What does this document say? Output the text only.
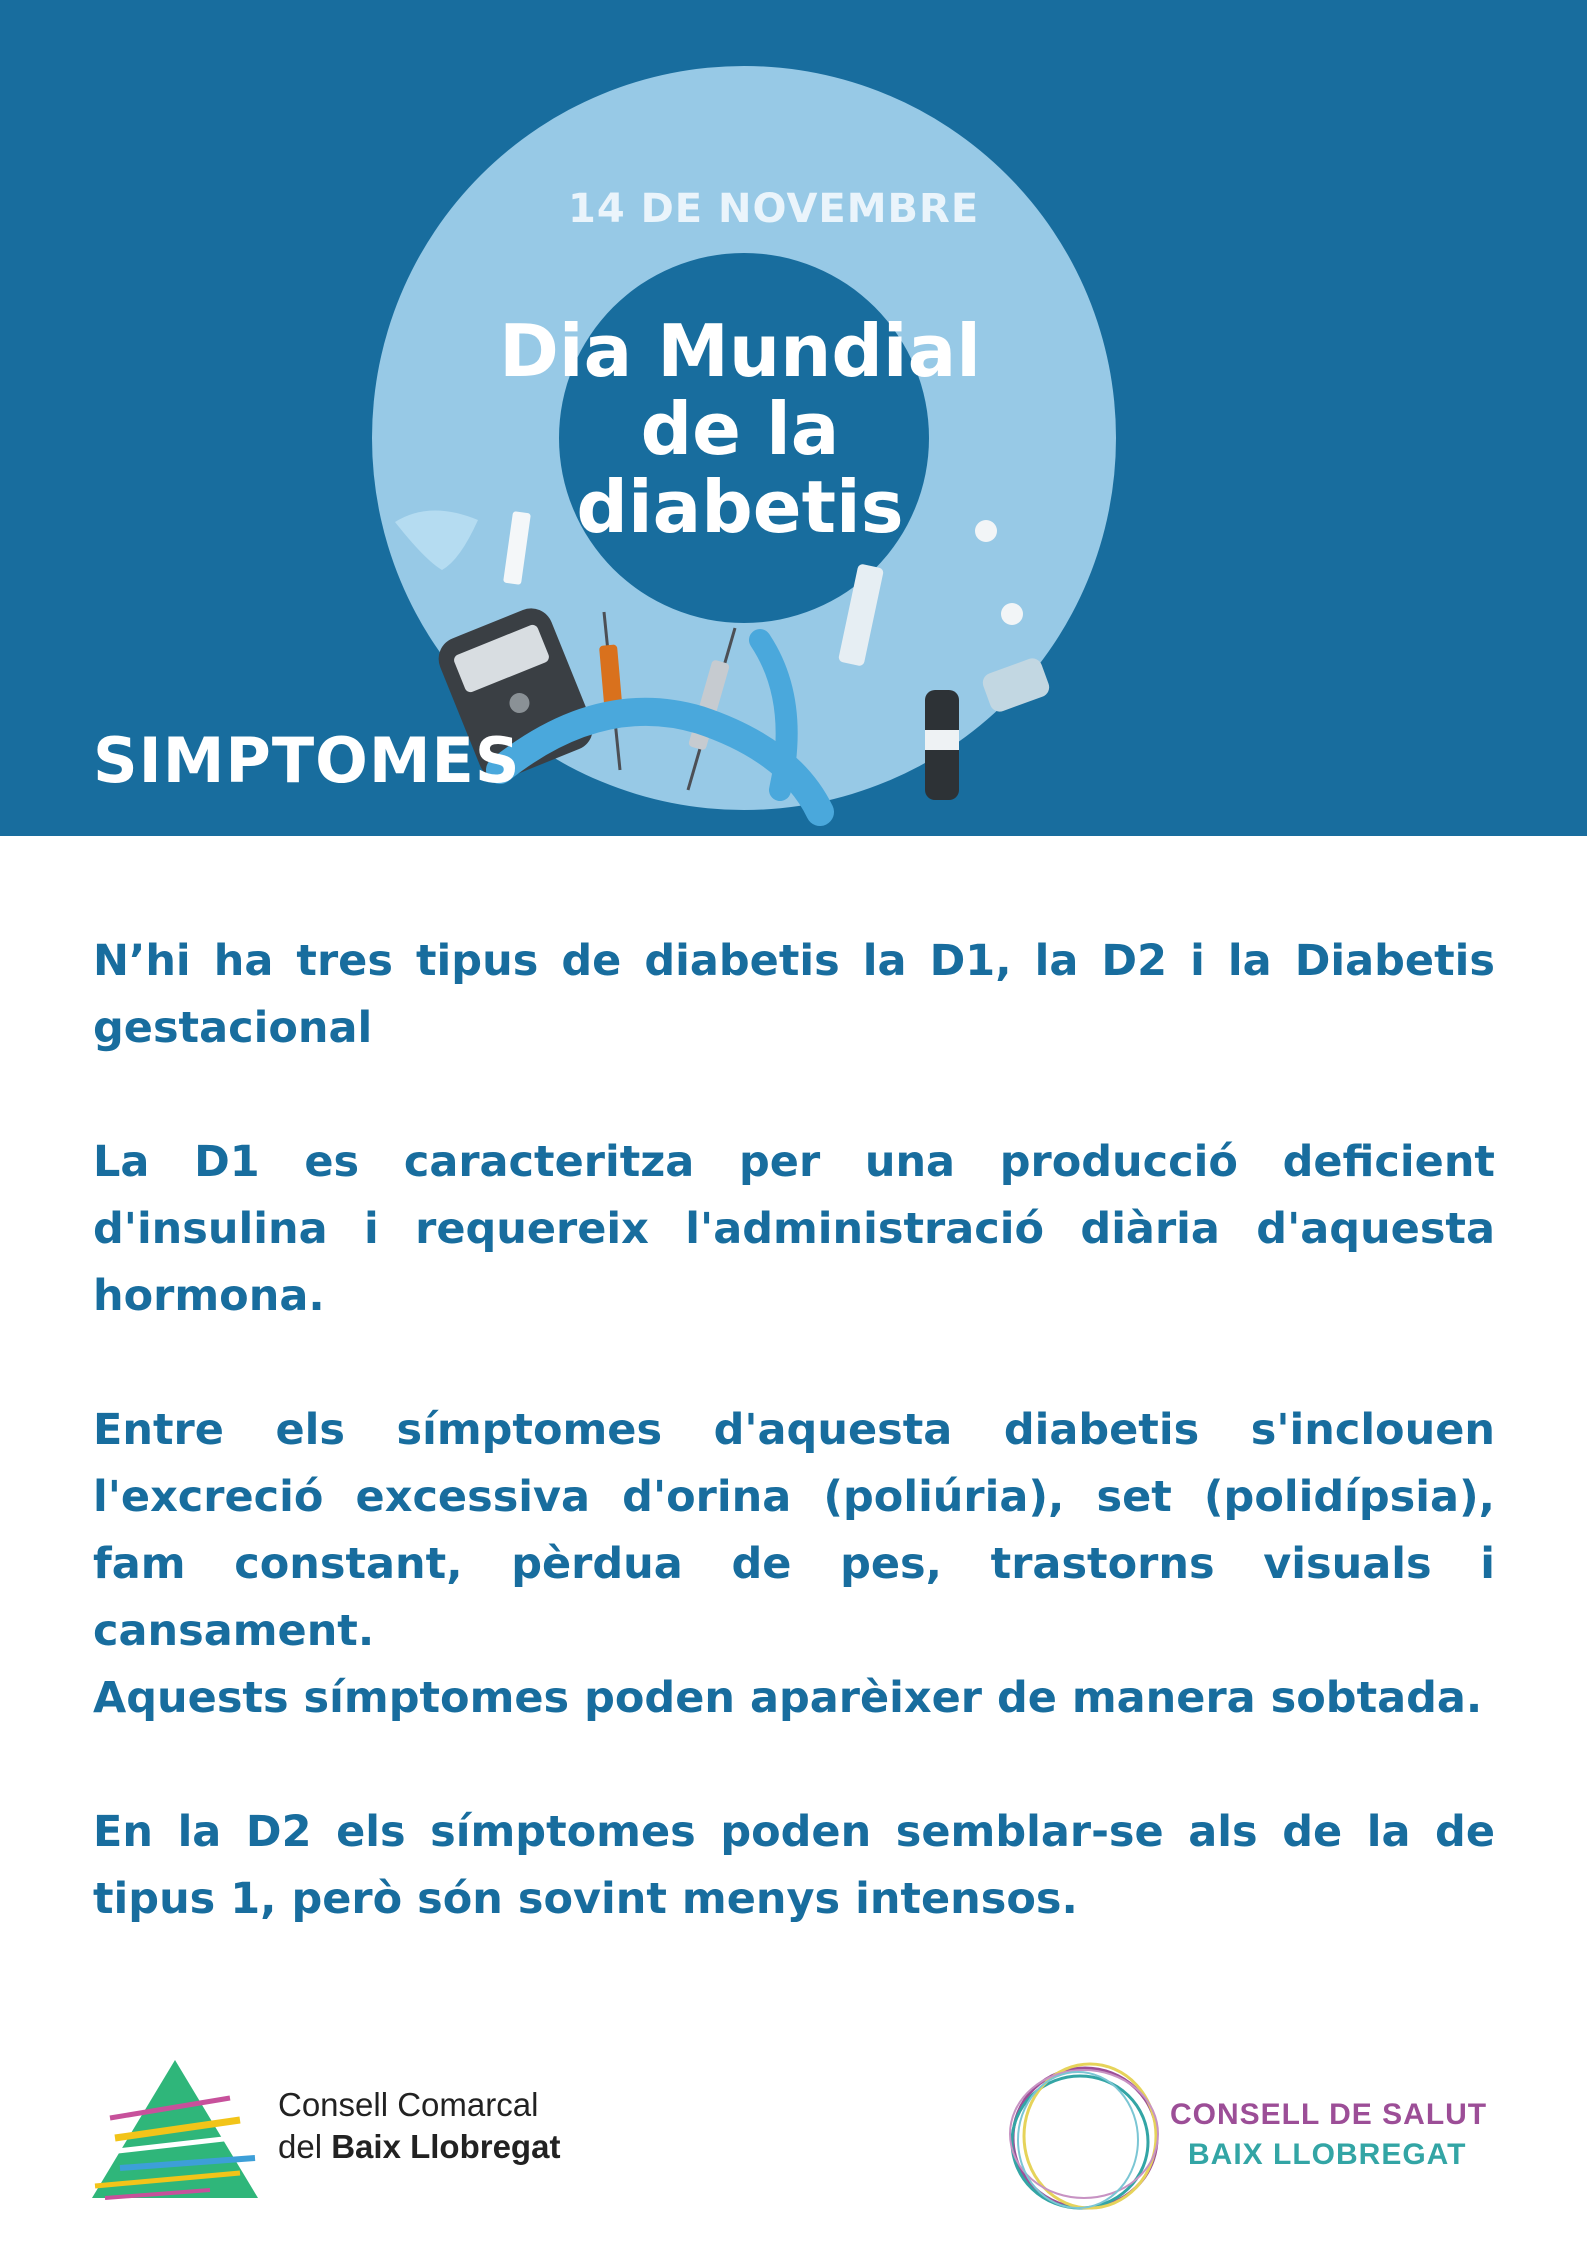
14 DE NOVEMBRE
Dia Mundial
de la
diabetis
SIMPTOMES

N’hi ha tres tipus de diabetis la D1, la D2 i la Diabetis gestacional

La D1 es caracteritza per una producció deficient d'insulina i requereix l'administració diària d'aquesta hormona.

Entre els símptomes d'aquesta diabetis s'inclouen l'excreció excessiva d'orina (poliúria), set (polidípsia), fam constant, pèrdua de pes, trastorns visuals i cansament.

Aquests símptomes poden aparèixer de manera sobtada.

En la D2 els símptomes poden semblar-se als de la de tipus 1, però són sovint menys intensos.

Consell Comarcal
del Baix Llobregat
CONSELL DE SALUT
BAIX LLOBREGAT
